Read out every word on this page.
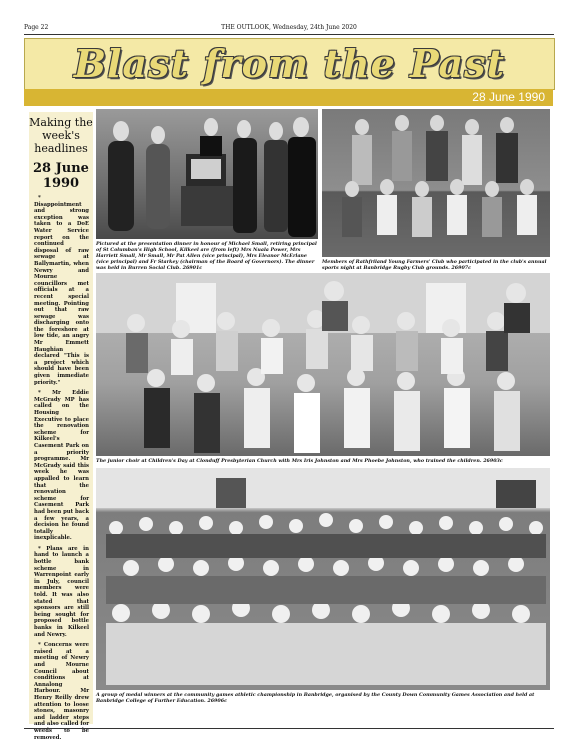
Page 22	THE OUTLOOK, Wednesday, 24th June 2020
Blast from the Past
28 June 1990
Making the week's headlines
28 June 1990

* Disappointment and strong exception was taken to a DoE Water Service report on the continued disposal of raw sewage at Ballymartin, when Newry and Mourne councillors met officials at a recent special meeting. Pointing out that raw sewage was discharging onto the foreshore at low tide, an angry Mr Emmett Haughian declared "This is a project which should have been given immediate priority."

* Mr Eddie McGrady MP has called on the Housing Executive to place the renovation scheme for Kilkeel's Casement Park on a priority programme. Mr McGrady said this week he was appalled to learn that the renovation scheme for Casement Park had been put back a few years, a decision he found totally inexplicable.

* Plans are in hand to launch a bottle bank scheme in Warrenpoint early in July, council members were told. It was also stated that sponsors are still being sought for proposed bottle banks in Kilkeel and Newry.

* Concerns were raised at a meeting of Newry and Mourne Council about conditions at Annalong Harbour. Mr Henry Reilly drew attention to loose stones, masonry and ladder steps and also called for weeds to be removed.

Pictured at the presentation dinner in honour of Michael Small, retiring principal of St Columban's High School, Kilkeel are (from left) Mrs Nuala Power, Mrs Harriett Small, Mr Small, Mr Pat Allen (vice principal), Mrs Eleanor McErlane (vice principal) and Fr Starkey (chairman of the Board of Governors). The dinner was held in Burren Social Club. 26901c
Members of Rathfriland Young Farmers' Club who participated in the club's annual sports night at Banbridge Rugby Club grounds. 26907c
The junior choir at Children's Day at Clonduff Presbyterian Church with Mrs Iris Johnston and Mrs Phoebe Johnston, who trained the children. 26903c
A group of medal winners at the community games athletic championship in Banbridge, organised by the County Down Community Games Association and held at Banbridge College of Further Education. 26906c
